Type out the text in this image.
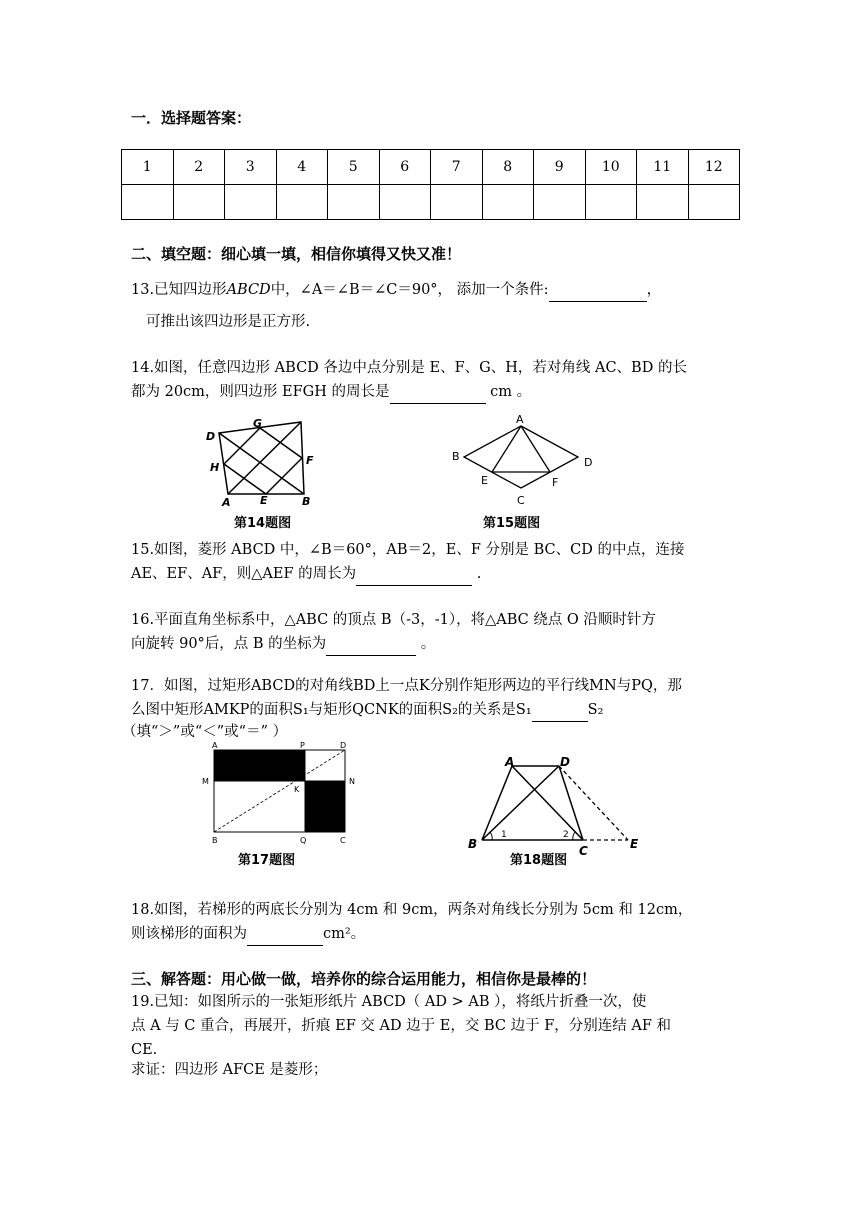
一．选择题答案：
1	2	3	4	5	6	7	8	9	10	11	12

二、填空题：细心填一填，相信你填得又快又准！
13.已知四边形ABCD中，∠A＝∠B＝∠C＝90°， 添加一个条件:	，
可推出该四边形是正方形.
14.如图，任意四边形 ABCD 各边中点分别是 E、F、G、H，若对角线 AC、BD 的长
都为 20cm，则四边形 EFGH 的周长是	cm 。
D
G
H
F
A	E	B
第14题图
A
B	D
E	F
C
第15题图
15.如图，菱形 ABCD 中，∠B＝60°，AB＝2，E、F 分别是 BC、CD 的中点，连接
AE、EF、AF，则△AEF 的周长为	.
16.平面直角坐标系中，△ABC 的顶点 B（-3，-1），将△ABC 绕点 O 沿顺时针方
向旋转 90°后，点 B 的坐标为	。
17．如图，过矩形ABCD的对角线BD上一点K分别作矩形两边的平行线MN与PQ，那
么图中矩形AMKP的面积S₁与矩形QCNK的面积S₂的关系是S₁	S₂
（填“＞”或“＜”或“＝” ）
A	P	D
M
K
N
B	Q	C
第17题图
A	D
B	C	E
1	2
第18题图
18.如图，若梯形的两底长分别为 4cm 和 9cm，两条对角线长分别为 5cm 和 12cm，
则该梯形的面积为	cm²。
三、解答题：用心做一做，培养你的综合运用能力，相信你是最棒的！
19.已知：如图所示的一张矩形纸片 ABCD（ AD > AB ），将纸片折叠一次，使
点 A 与 C 重合，再展开，折痕 EF 交 AD 边于 E，交 BC 边于 F，分别连结 AF 和
CE.
求证：四边形 AFCE 是菱形；
